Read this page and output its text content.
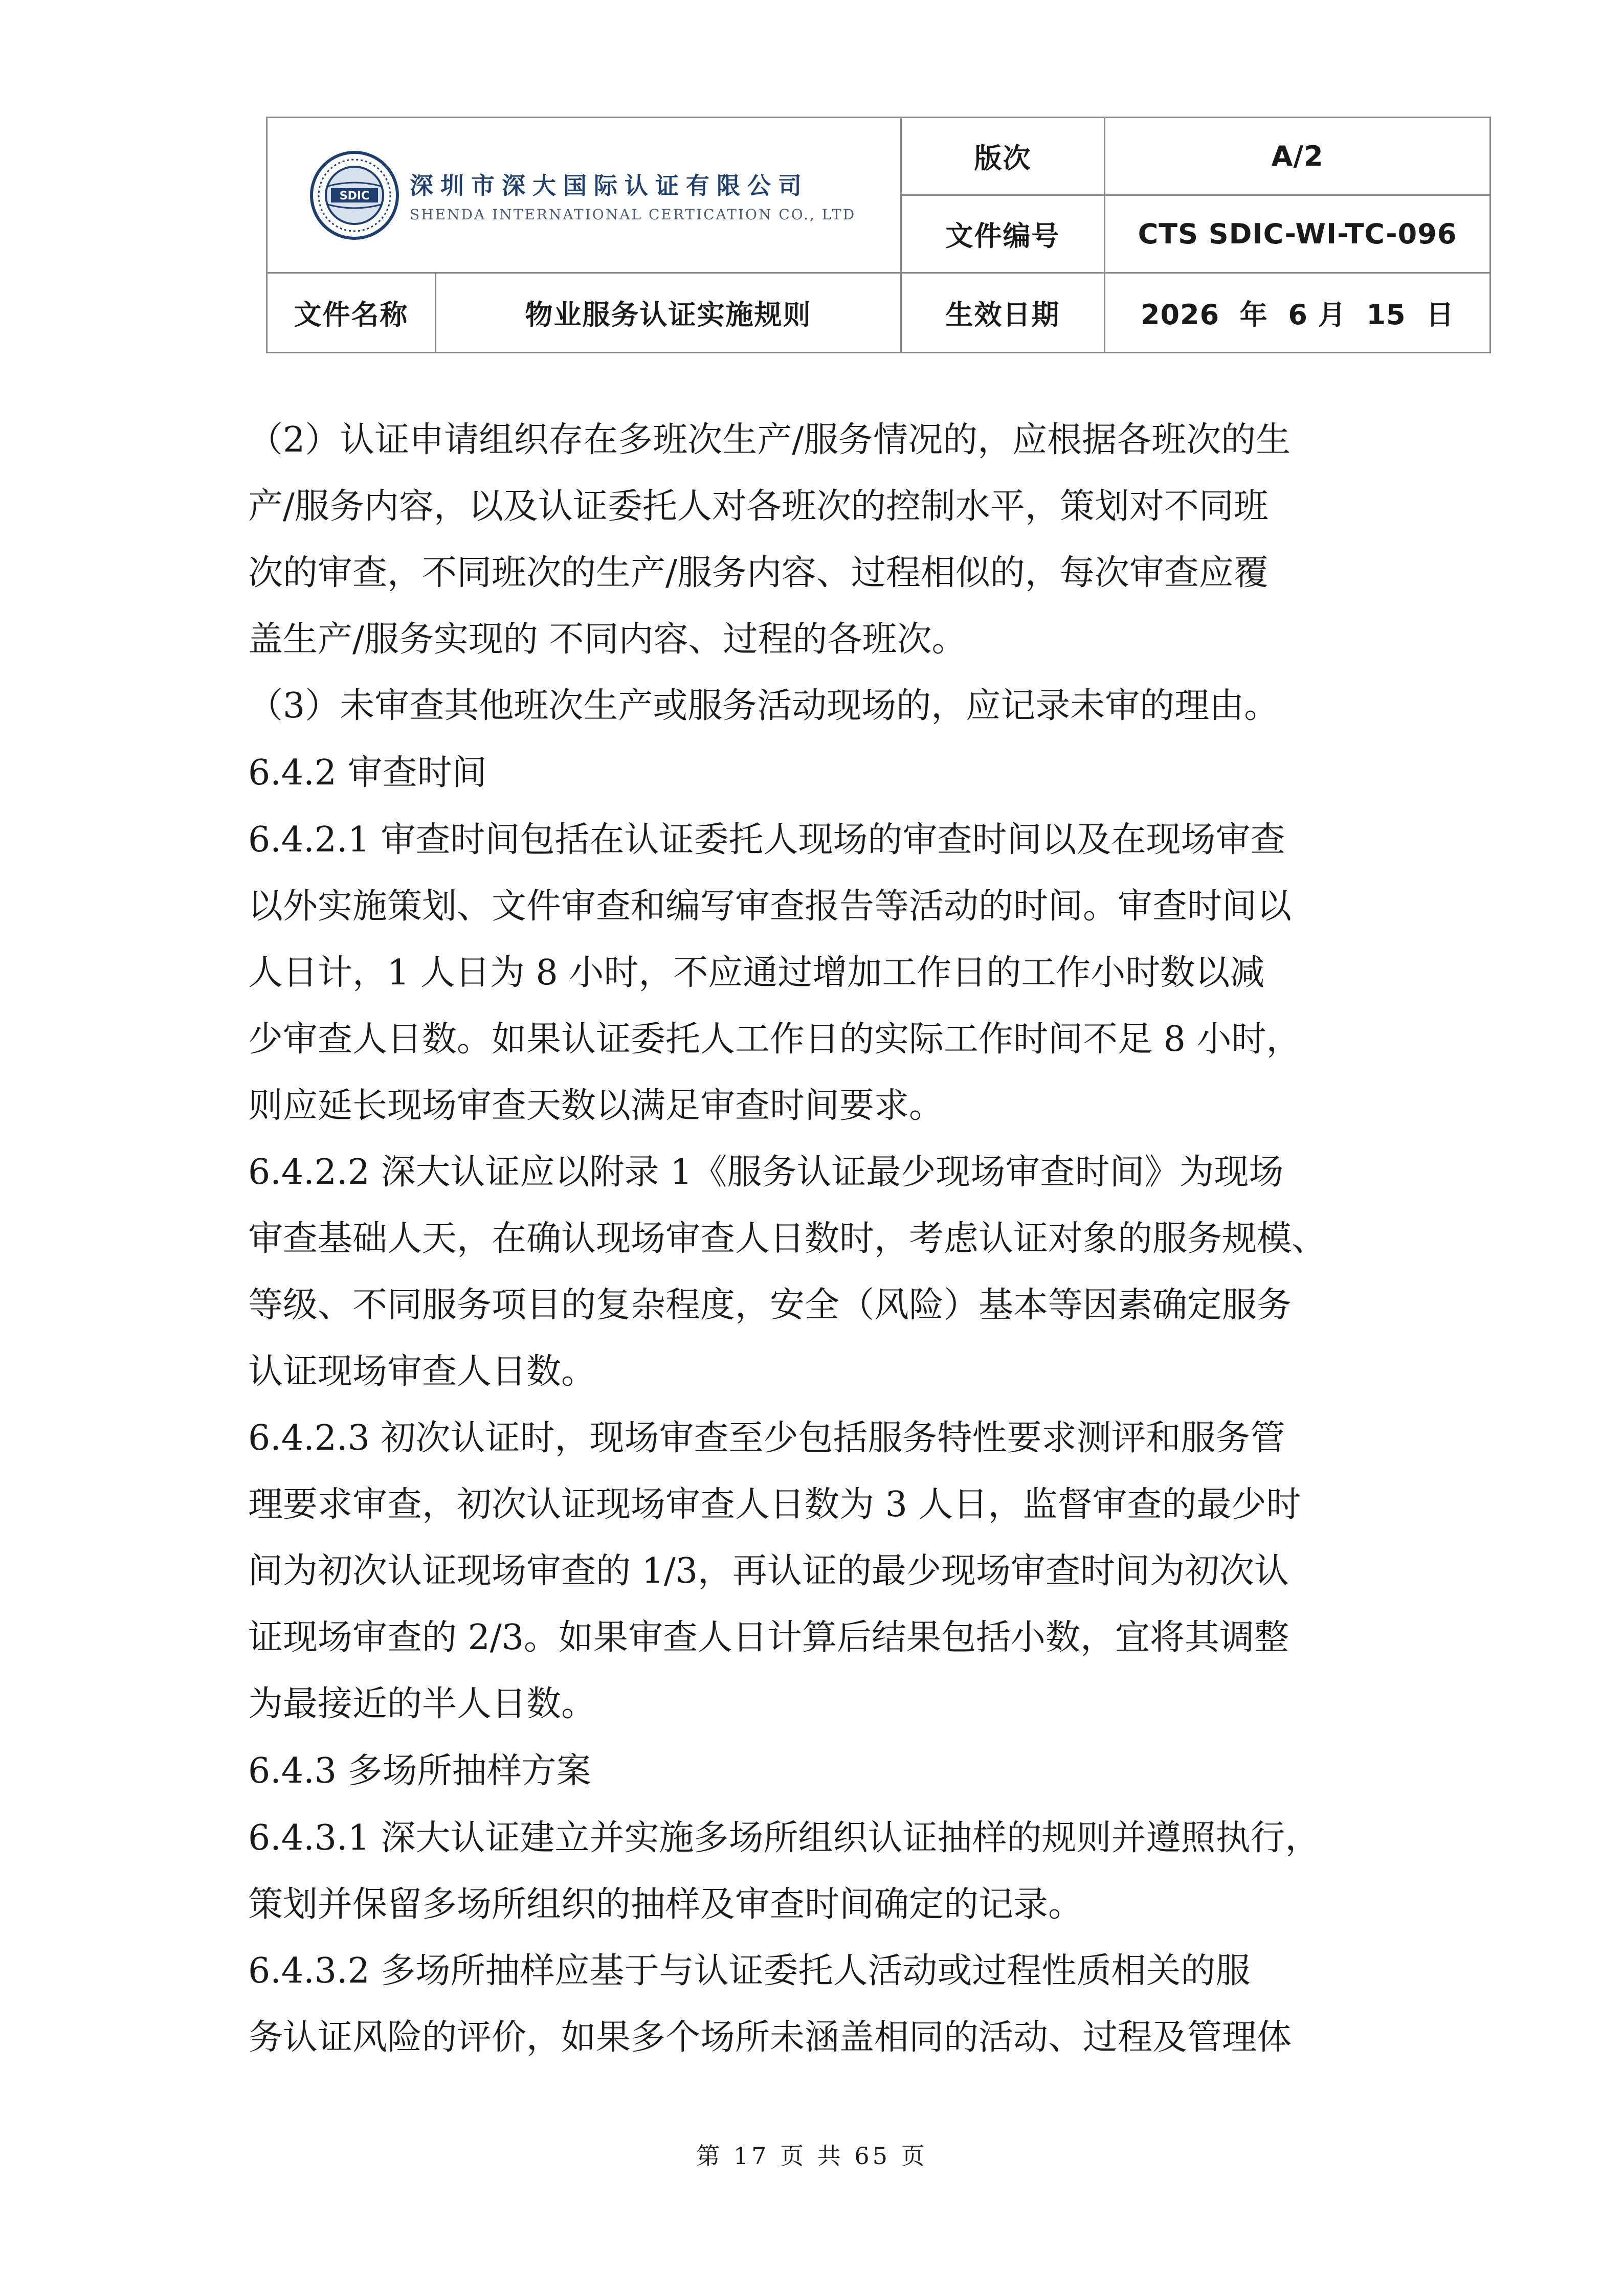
SDIC 深圳市深大国际认证有限公司
SHENDA INTERNATIONAL CERTICATION CO., LTD		版次	A/2
		文件编号	CTS SDIC-WI-TC-096
文件名称	物业服务认证实施规则	生效日期	2026  年  6 月  15  日
（2）认证申请组织存在多班次生产/服务情况的，应根据各班次的生
产/服务内容，以及认证委托人对各班次的控制水平，策划对不同班
次的审查，不同班次的生产/服务内容、过程相似的，每次审查应覆
盖生产/服务实现的 不同内容、过程的各班次。
（3）未审查其他班次生产或服务活动现场的，应记录未审的理由。
6.4.2 审查时间
6.4.2.1 审查时间包括在认证委托人现场的审查时间以及在现场审查
以外实施策划、文件审查和编写审查报告等活动的时间。审查时间以
人日计，1 人日为 8 小时，不应通过增加工作日的工作小时数以减
少审查人日数。如果认证委托人工作日的实际工作时间不足 8 小时，
则应延长现场审查天数以满足审查时间要求。
6.4.2.2 深大认证应以附录 1《服务认证最少现场审查时间》为现场
审查基础人天，在确认现场审查人日数时，考虑认证对象的服务规模、
等级、不同服务项目的复杂程度，安全（风险）基本等因素确定服务
认证现场审查人日数。
6.4.2.3 初次认证时，现场审查至少包括服务特性要求测评和服务管
理要求审查，初次认证现场审查人日数为 3 人日，监督审查的最少时
间为初次认证现场审查的 1/3，再认证的最少现场审查时间为初次认
证现场审查的 2/3。如果审查人日计算后结果包括小数，宜将其调整
为最接近的半人日数。
6.4.3 多场所抽样方案
6.4.3.1 深大认证建立并实施多场所组织认证抽样的规则并遵照执行，
策划并保留多场所组织的抽样及审查时间确定的记录。
6.4.3.2 多场所抽样应基于与认证委托人活动或过程性质相关的服
务认证风险的评价，如果多个场所未涵盖相同的活动、过程及管理体
第 17 页 共 65 页
